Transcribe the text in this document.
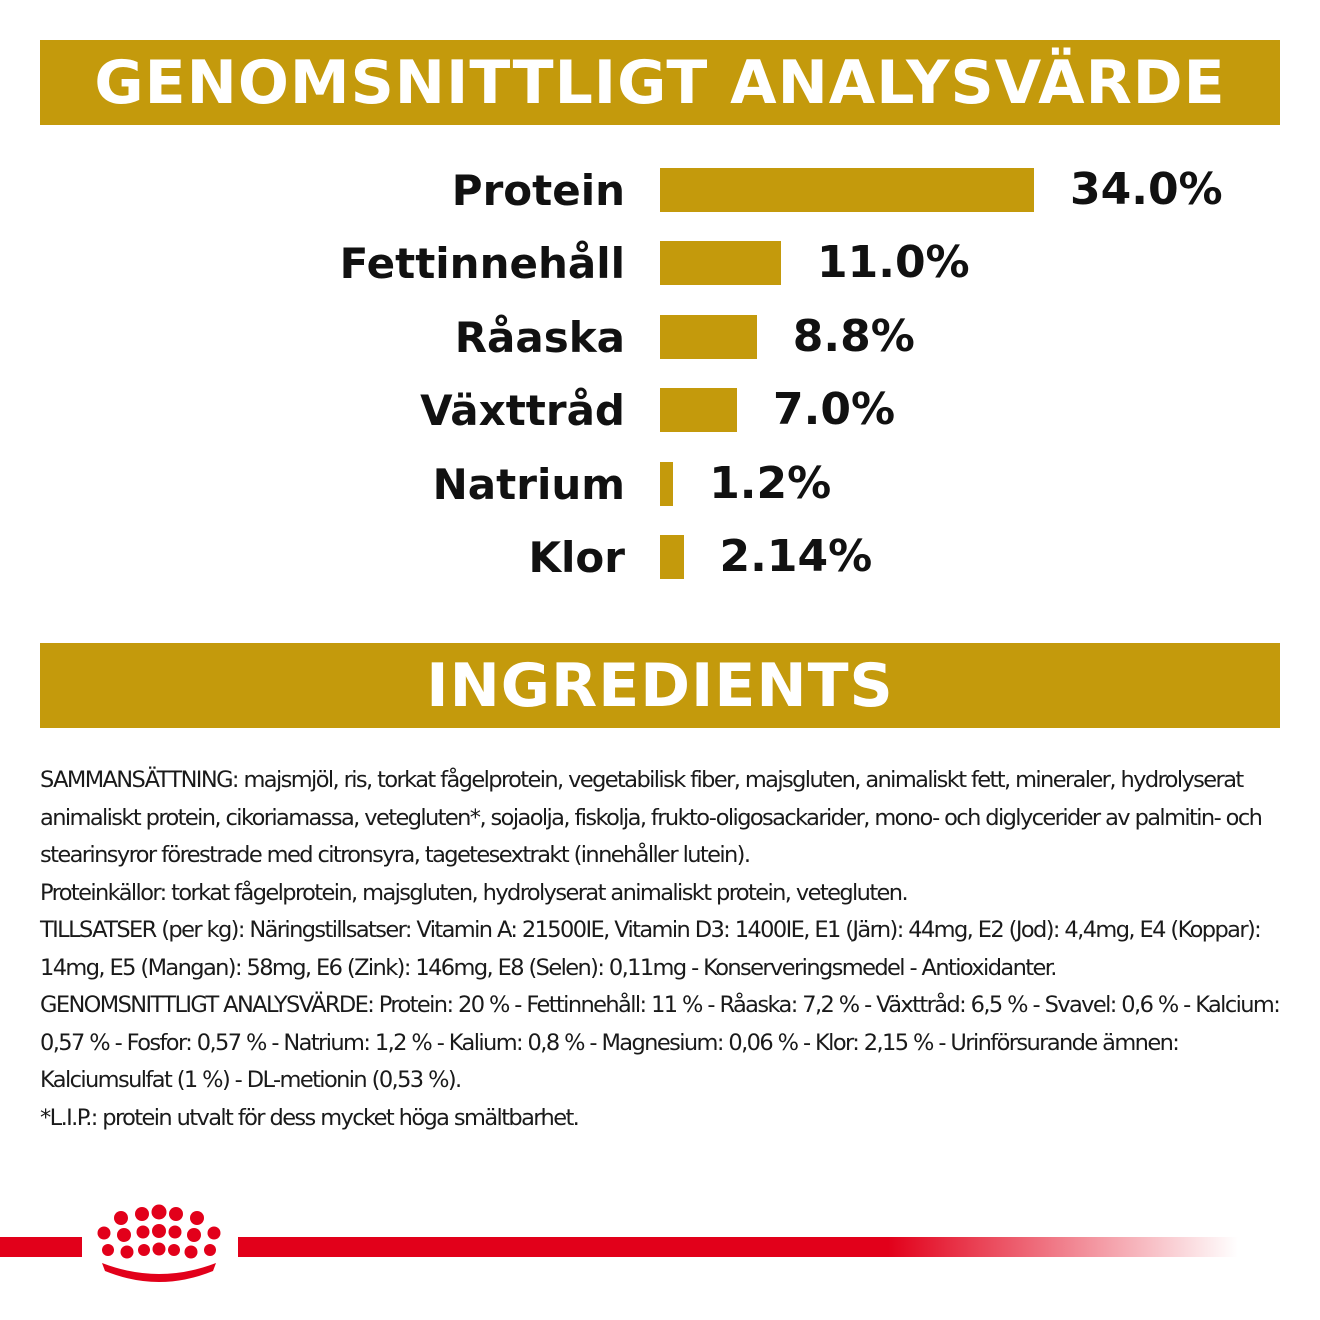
GENOMSNITTLIGT ANALYSVÄRDE
Protein	34.0%
Fettinnehåll	11.0%
Råaska	8.8%
Växttråd	7.0%
Natrium 1.2%
Klor 2.14%
INGREDIENTS

SAMMANSÄTTNING: majsmjöl, ris, torkat fågelprotein, vegetabilisk fiber, majsgluten, animaliskt fett, mineraler, hydrolyserat animaliskt protein, cikoriamassa, vetegluten*, sojaolja, fiskolja, frukto-oligosackarider, mono- och diglycerider av palmitin- och stearinsyror förestrade med citronsyra, tagetesextrakt (innehåller lutein).

Proteinkällor: torkat fågelprotein, majsgluten, hydrolyserat animaliskt protein, vetegluten.

TILLSATSER (per kg): Näringstillsatser: Vitamin A: 21500IE, Vitamin D3: 1400IE, E1 (Järn): 44mg, E2 (Jod): 4,4mg, E4 (Koppar): 14mg, E5 (Mangan): 58mg, E6 (Zink): 146mg, E8 (Selen): 0,11mg - Konserveringsmedel - Antioxidanter.

GENOMSNITTLIGT ANALYSVÄRDE: Protein: 20 % - Fettinnehåll: 11 % - Råaska: 7,2 % - Växttråd: 6,5 % - Svavel: 0,6 % - Kalcium: 0,57 % - Fosfor: 0,57 % - Natrium: 1,2 % - Kalium: 0,8 % - Magnesium: 0,06 % - Klor: 2,15 % - Urinförsurande ämnen: Kalciumsulfat (1 %) - DL-metionin (0,53 %).

*L.I.P.: protein utvalt för dess mycket höga smältbarhet.
